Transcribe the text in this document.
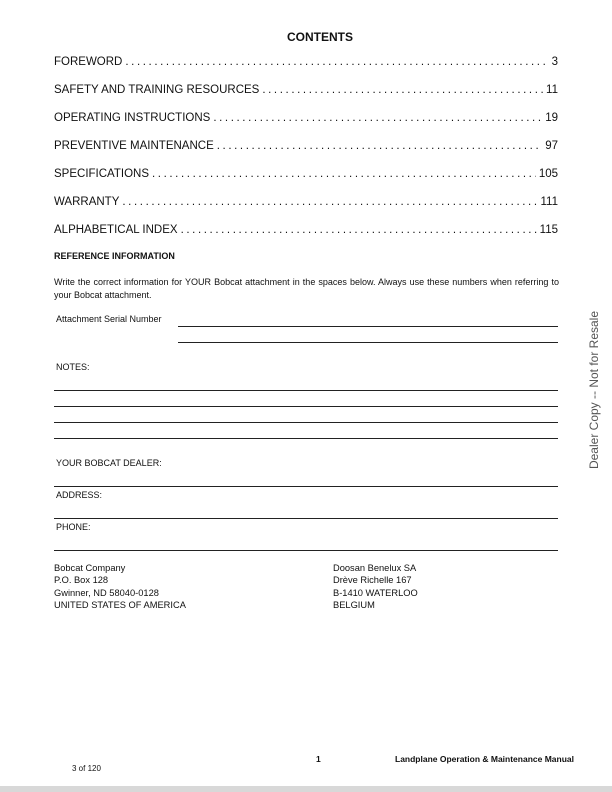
CONTENTS
FOREWORD .....	3
SAFETY AND TRAINING RESOURCES .....	11
OPERATING INSTRUCTIONS .....	19
PREVENTIVE MAINTENANCE .....	97
SPECIFICATIONS .....	105
WARRANTY .....	111
ALPHABETICAL INDEX .....	115
REFERENCE INFORMATION
Write the correct information for YOUR Bobcat attachment in the spaces below. Always use these numbers when referring to your Bobcat attachment.
Attachment Serial Number
NOTES:
YOUR BOBCAT DEALER:
ADDRESS:
PHONE:
Bobcat Company
P.O. Box 128
Gwinner, ND 58040-0128
UNITED STATES OF AMERICA
Doosan Benelux SA
Drève Richelle 167
B-1410 WATERLOO
BELGIUM
Dealer Copy -- Not for Resale
1	Landplane Operation & Maintenance Manual
3 of 120
